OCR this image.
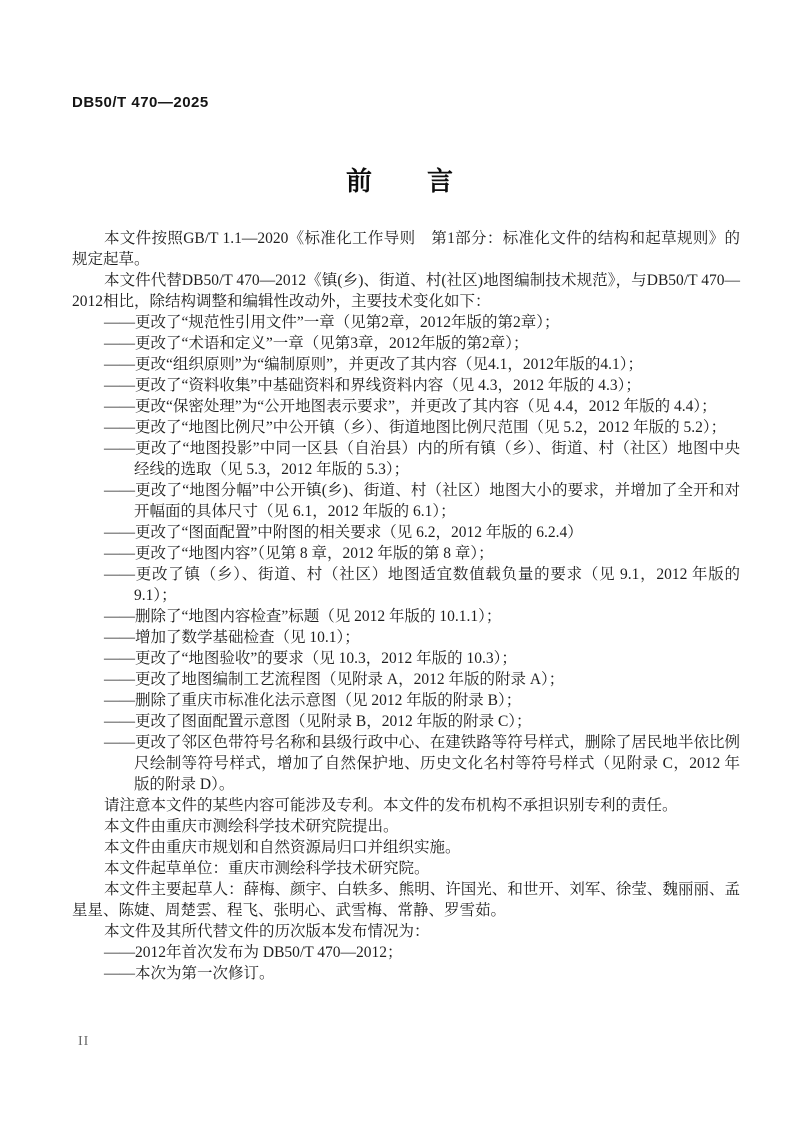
DB50/T 470—2025
前　　言
本文件按照GB/T 1.1—2020《标准化工作导则　第1部分：标准化文件的结构和起草规则》的规定起草。
本文件代替DB50/T 470—2012《镇(乡)、街道、村(社区)地图编制技术规范》，与DB50/T 470—2012相比，除结构调整和编辑性改动外，主要技术变化如下：
——更改了“规范性引用文件”一章（见第2章，2012年版的第2章）；
——更改了“术语和定义”一章（见第3章，2012年版的第2章）；
——更改“组织原则”为“编制原则”，并更改了其内容（见4.1，2012年版的4.1）；
——更改了“资料收集”中基础资料和界线资料内容（见 4.3，2012 年版的 4.3）；
——更改“保密处理”为“公开地图表示要求”，并更改了其内容（见 4.4，2012 年版的 4.4）；
——更改了“地图比例尺”中公开镇（乡）、街道地图比例尺范围（见 5.2，2012 年版的 5.2）；
——更改了“地图投影”中同一区县（自治县）内的所有镇（乡）、街道、村（社区）地图中央经线的选取（见 5.3，2012 年版的 5.3）；
——更改了“地图分幅”中公开镇(乡)、街道、村（社区）地图大小的要求，并增加了全开和对开幅面的具体尺寸（见 6.1，2012 年版的 6.1）；
——更改了“图面配置”中附图的相关要求（见 6.2，2012 年版的 6.2.4）
——更改了“地图内容”（见第 8 章，2012 年版的第 8 章）；
——更改了镇（乡）、街道、村（社区）地图适宜数值载负量的要求（见 9.1，2012 年版的 9.1）；
——删除了“地图内容检查”标题（见 2012 年版的 10.1.1）；
——增加了数学基础检查（见 10.1）；
——更改了“地图验收”的要求（见 10.3，2012 年版的 10.3）；
——更改了地图编制工艺流程图（见附录 A，2012 年版的附录 A）；
——删除了重庆市标准化法示意图（见 2012 年版的附录 B）；
——更改了图面配置示意图（见附录 B，2012 年版的附录 C）；
——更改了邻区色带符号名称和县级行政中心、在建铁路等符号样式，删除了居民地半依比例尺绘制等符号样式，增加了自然保护地、历史文化名村等符号样式（见附录 C，2012 年版的附录 D）。
请注意本文件的某些内容可能涉及专利。本文件的发布机构不承担识别专利的责任。
本文件由重庆市测绘科学技术研究院提出。
本文件由重庆市规划和自然资源局归口并组织实施。
本文件起草单位：重庆市测绘科学技术研究院。
本文件主要起草人：薛梅、颜宇、白轶多、熊明、许国光、和世开、刘军、徐莹、魏丽丽、孟星星、陈婕、周楚雲、程飞、张明心、武雪梅、常静、罗雪茹。
本文件及其所代替文件的历次版本发布情况为：
——2012年首次发布为 DB50/T 470—2012；
——本次为第一次修订。
II
